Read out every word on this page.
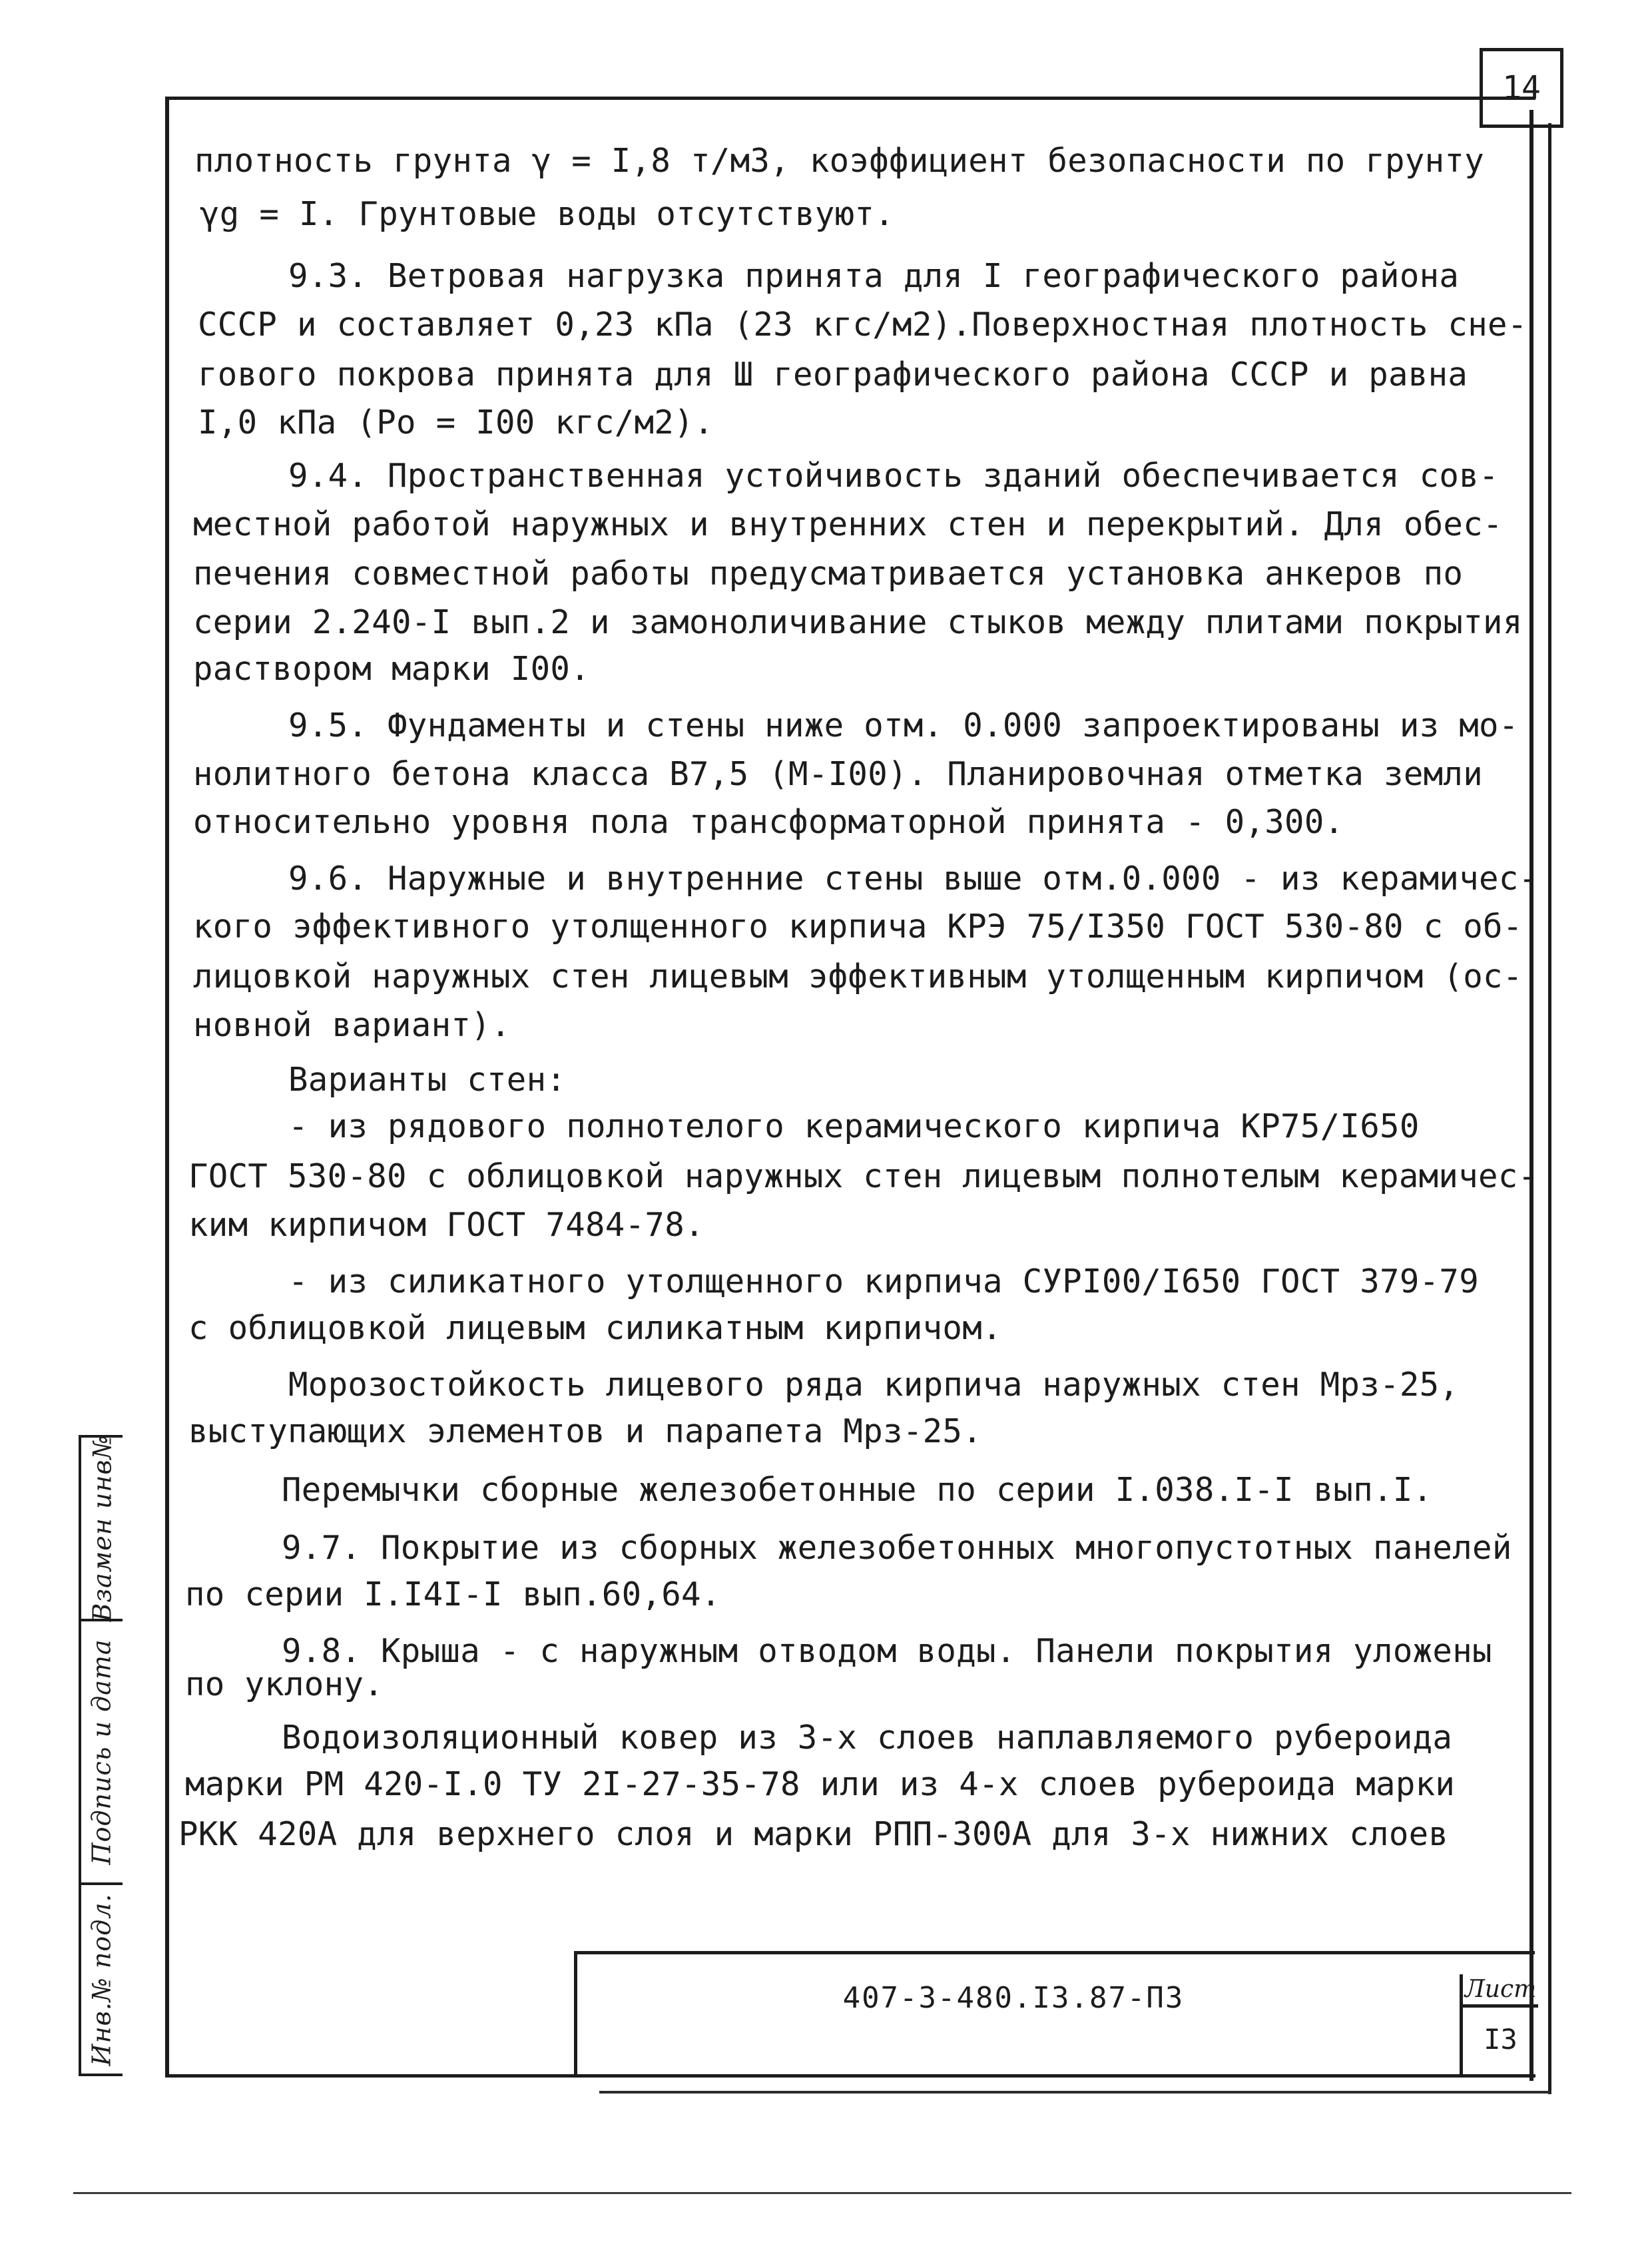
14
плотность грунта γ = I,8 т/м3, коэффициент безопасности по грунту
γg = I. Грунтовые воды отсутствуют.
9.3. Ветровая нагрузка принята для I географического района
СССР и составляет 0,23 кПа (23 кгс/м2).Поверхностная плотность сне-
гового покрова принята для Ш географического района СССР и равна
I,0 кПа (Ро = I00 кгс/м2).
9.4. Пространственная устойчивость зданий обеспечивается сов-
местной работой наружных и внутренних стен и перекрытий. Для обес-
печения совместной работы предусматривается установка анкеров по
серии 2.240-I вып.2 и замоноличивание стыков между плитами покрытия
раствором марки I00.
9.5. Фундаменты и стены ниже отм. 0.000 запроектированы из мо-
нолитного бетона класса В7,5 (М-I00). Планировочная отметка земли
относительно уровня пола трансформаторной принята - 0,300.
9.6. Наружные и внутренние стены выше отм.0.000 - из керамичес-
кого эффективного утолщенного кирпича КРЭ 75/I350 ГОСТ 530-80 с об-
лицовкой наружных стен лицевым эффективным утолщенным кирпичом (ос-
новной вариант).
Варианты стен:
- из рядового полнотелого керамического кирпича КР75/I650
ГОСТ 530-80 с облицовкой наружных стен лицевым полнотелым керамичес-
ким кирпичом ГОСТ 7484-78.
- из силикатного утолщенного кирпича СУРI00/I650 ГОСТ 379-79
с облицовкой лицевым силикатным кирпичом.
Морозостойкость лицевого ряда кирпича наружных стен Мрз-25,
выступающих элементов и парапета Мрз-25.
Перемычки сборные железобетонные по серии I.038.I-I вып.I.
9.7. Покрытие из сборных железобетонных многопустотных панелей
по серии I.I4I-I вып.60,64.
9.8. Крыша - с наружным отводом воды. Панели покрытия уложены
по уклону.
Водоизоляционный ковер из 3-х слоев наплавляемого рубероида
марки РМ 420-I.0 ТУ 2I-27-35-78 или из 4-х слоев рубероида марки
РКК 420А для верхнего слоя и марки РПП-300А для 3-х нижних слоев
Взамен инв№
Подпись и дата
Инв.№ подл.	407-3-480.I3.87-ПЗ	Лист
I3
